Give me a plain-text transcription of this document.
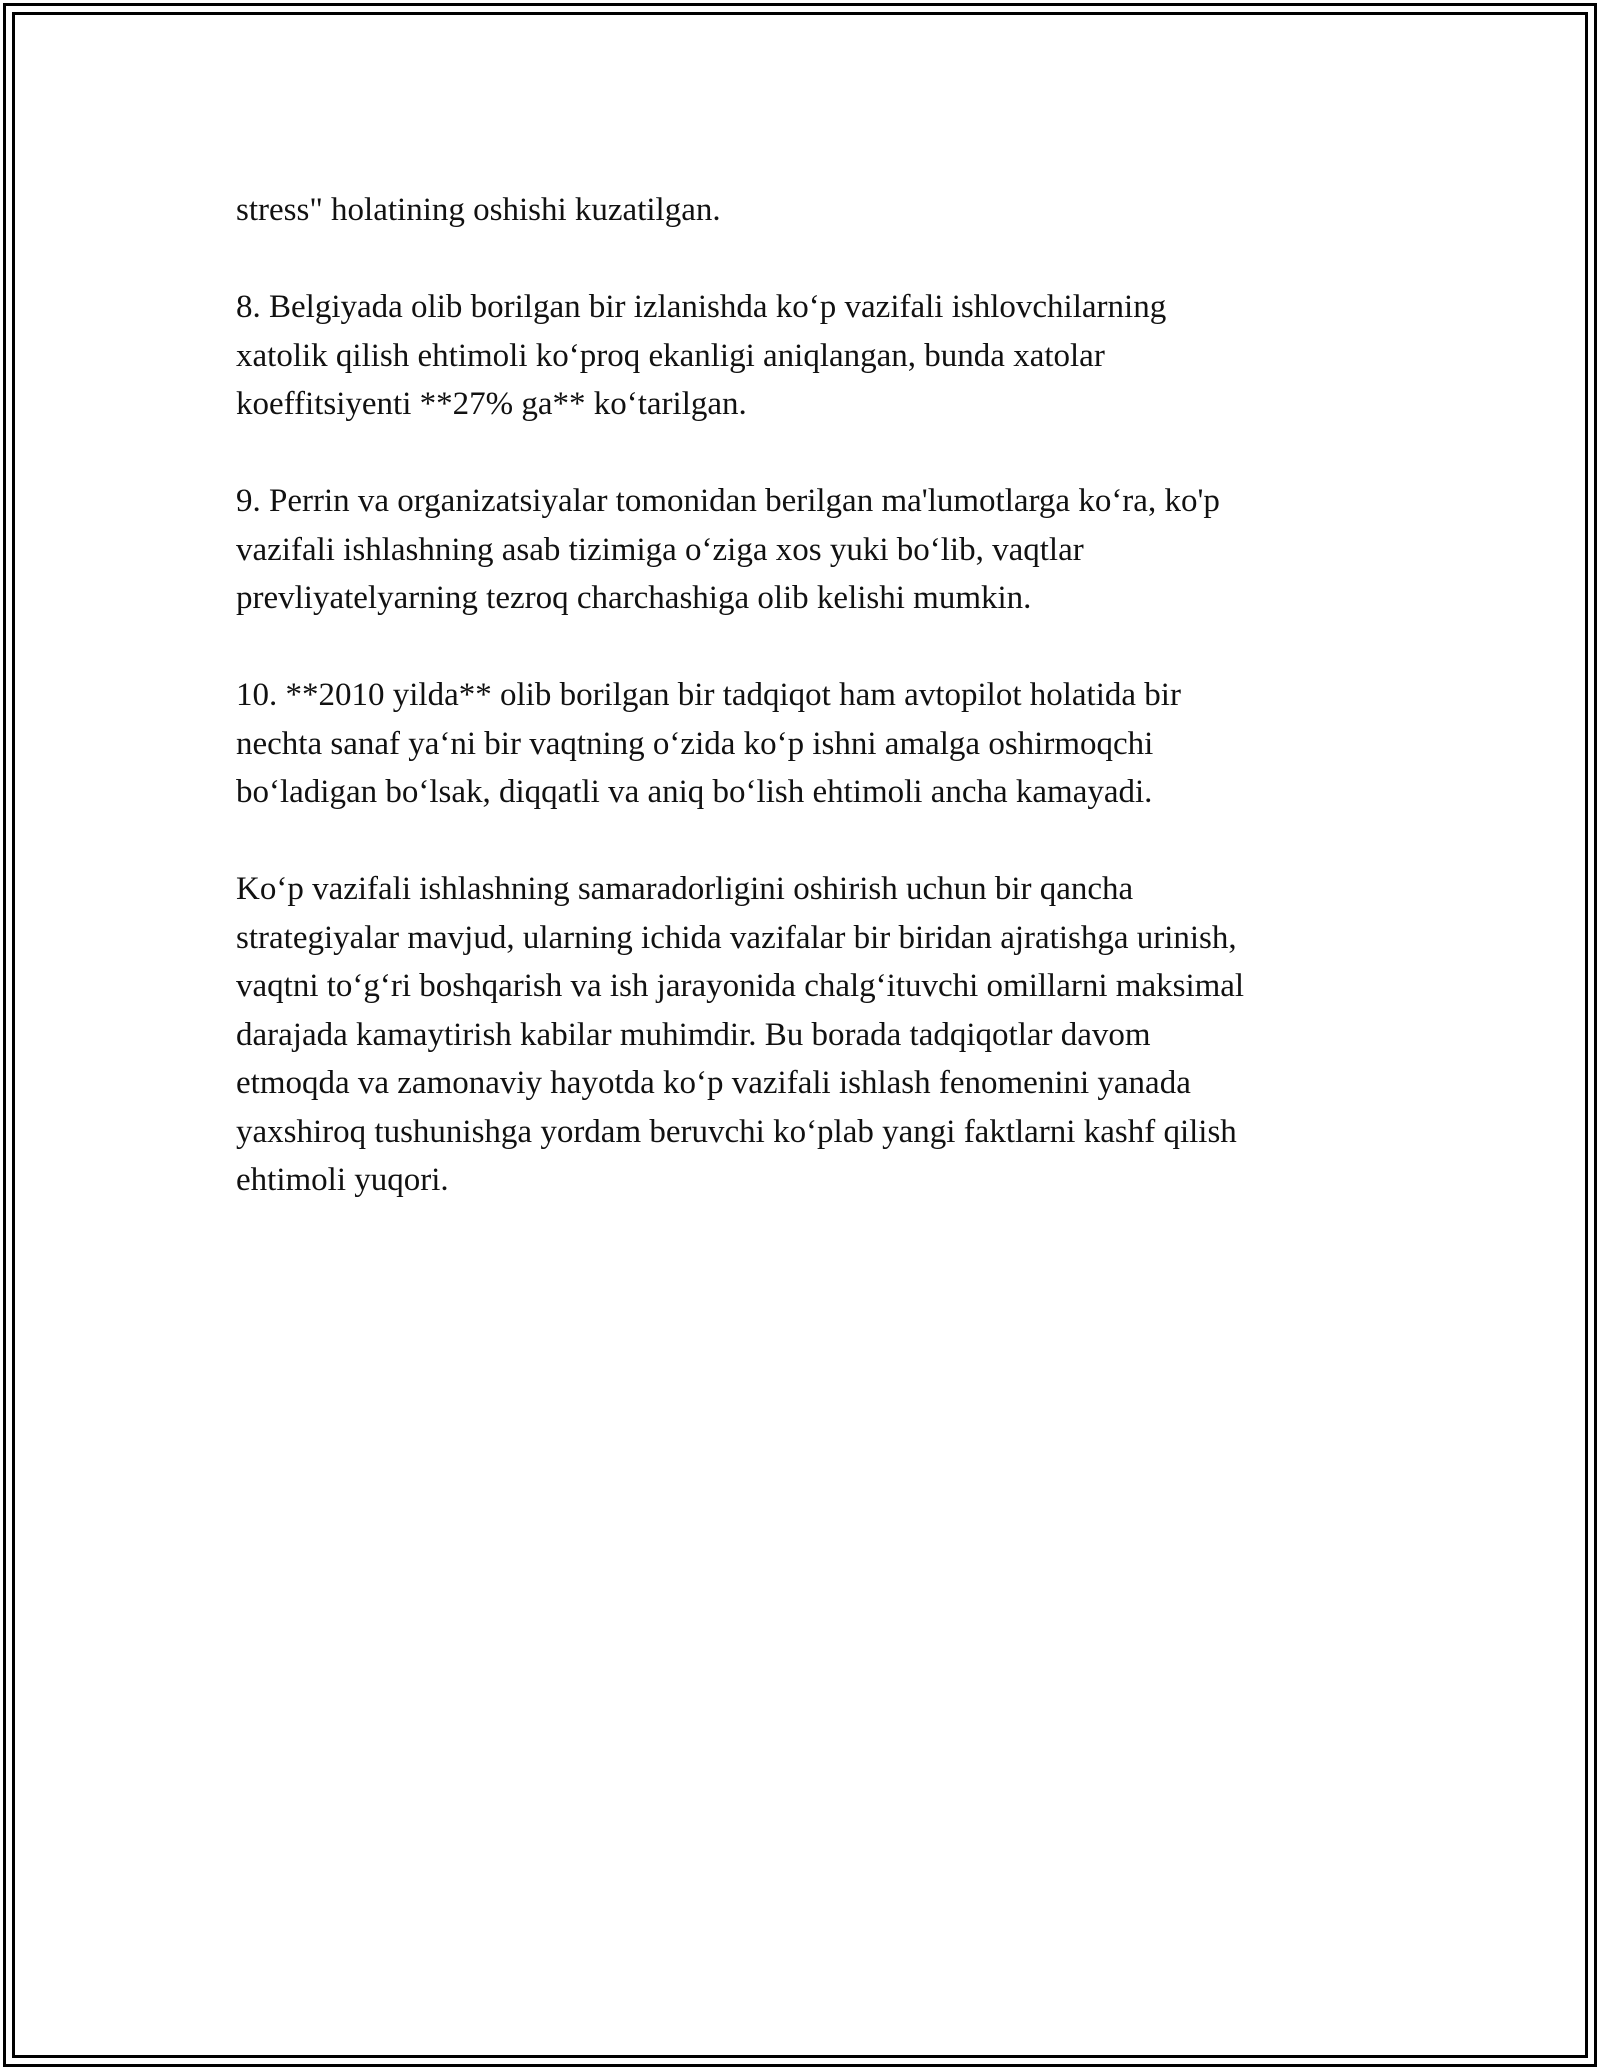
stress" holatining oshishi kuzatilgan.

8. Belgiyada olib borilgan bir izlanishda ko‘p vazifali ishlovchilarning
xatolik qilish ehtimoli ko‘proq ekanligi aniqlangan, bunda xatolar
koeffitsiyenti **27% ga** ko‘tarilgan.

9. Perrin va organizatsiyalar tomonidan berilgan ma'lumotlarga ko‘ra, ko'p
vazifali ishlashning asab tizimiga o‘ziga xos yuki bo‘lib, vaqtlar
prevliyatelyarning tezroq charchashiga olib kelishi mumkin.

10. **2010 yilda** olib borilgan bir tadqiqot ham avtopilot holatida bir
nechta sanaf ya‘ni bir vaqtning o‘zida ko‘p ishni amalga oshirmoqchi
bo‘ladigan bo‘lsak, diqqatli va aniq bo‘lish ehtimoli ancha kamayadi.

Ko‘p vazifali ishlashning samaradorligini oshirish uchun bir qancha
strategiyalar mavjud, ularning ichida vazifalar bir biridan ajratishga urinish,
vaqtni to‘g‘ri boshqarish va ish jarayonida chalg‘ituvchi omillarni maksimal
darajada kamaytirish kabilar muhimdir. Bu borada tadqiqotlar davom
etmoqda va zamonaviy hayotda ko‘p vazifali ishlash fenomenini yanada
yaxshiroq tushunishga yordam beruvchi ko‘plab yangi faktlarni kashf qilish
ehtimoli yuqori.
